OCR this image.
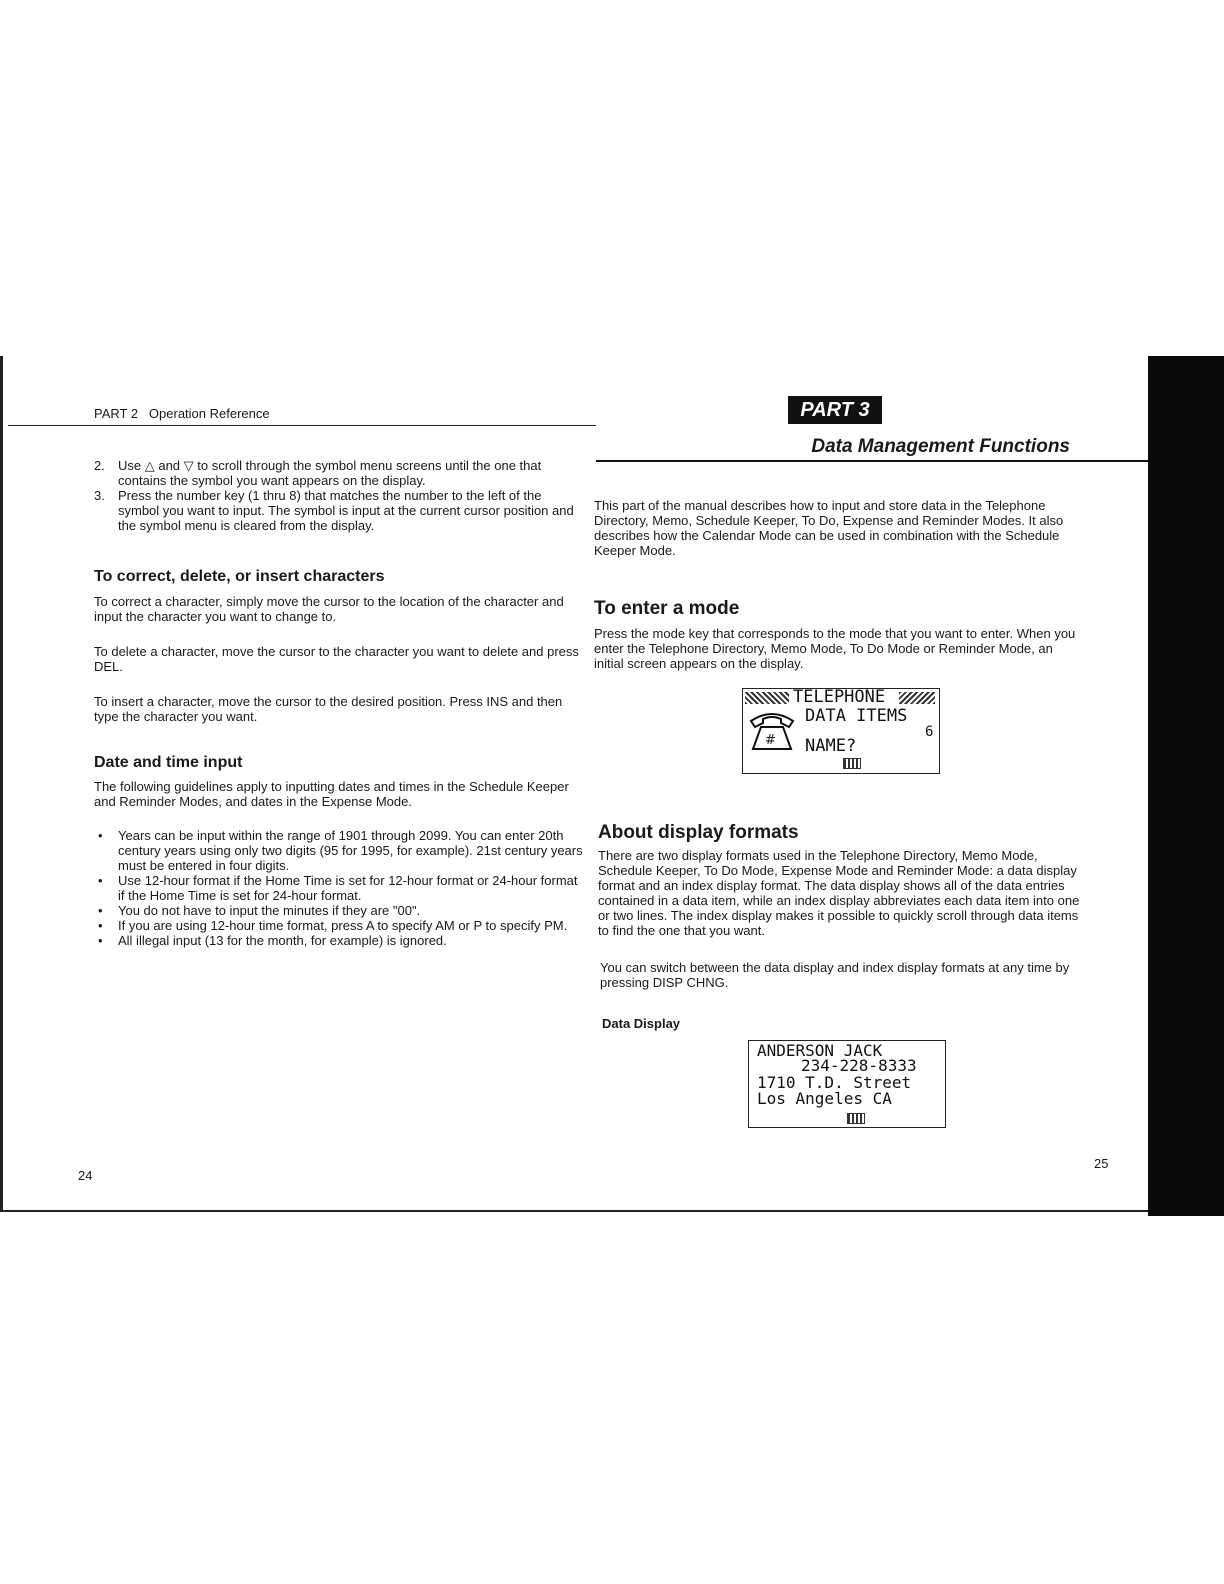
PART 2 Operation Reference
2. Use △ and ▽ to scroll through the symbol menu screens until the one that contains the symbol you want appears on the display.
3. Press the number key (1 thru 8) that matches the number to the left of the symbol you want to input. The symbol is input at the current cursor position and the symbol menu is cleared from the display.
To correct, delete, or insert characters

To correct a character, simply move the cursor to the location of the character and input the character you want to change to.

To delete a character, move the cursor to the character you want to delete and press DEL.

To insert a character, move the cursor to the desired position. Press INS and then type the character you want.

Date and time input

The following guidelines apply to inputting dates and times in the Schedule Keeper and Reminder Modes, and dates in the Expense Mode.

• Years can be input within the range of 1901 through 2099. You can enter 20th century years using only two digits (95 for 1995, for example). 21st century years must be entered in four digits.
• Use 12-hour format if the Home Time is set for 12-hour format or 24-hour format if the Home Time is set for 24-hour format.
• You do not have to input the minutes if they are "00".
• If you are using 12-hour time format, press A to specify AM or P to specify PM.
• All illegal input (13 for the month, for example) is ignored.
24
PART 3
Data Management Functions

This part of the manual describes how to input and store data in the Telephone Directory, Memo, Schedule Keeper, To Do, Expense and Reminder Modes. It also describes how the Calendar Mode can be used in combination with the Schedule Keeper Mode.

To enter a mode

Press the mode key that corresponds to the mode that you want to enter. When you enter the Telephone Directory, Memo Mode, To Do Mode or Reminder Mode, an initial screen appears on the display.

TELEPHONE
DATA ITEMS
6
NAME?
#
About display formats

There are two display formats used in the Telephone Directory, Memo Mode, Schedule Keeper, To Do Mode, Expense Mode and Reminder Mode: a data display format and an index display format. The data display shows all of the data entries contained in a data item, while an index display abbreviates each data item into one or two lines. The index display makes it possible to quickly scroll through data items to find the one that you want.

You can switch between the data display and index display formats at any time by pressing DISP CHNG.

Data Display
ANDERSON JACK
234-228-8333
1710 T.D. Street
Los Angeles CA
25
